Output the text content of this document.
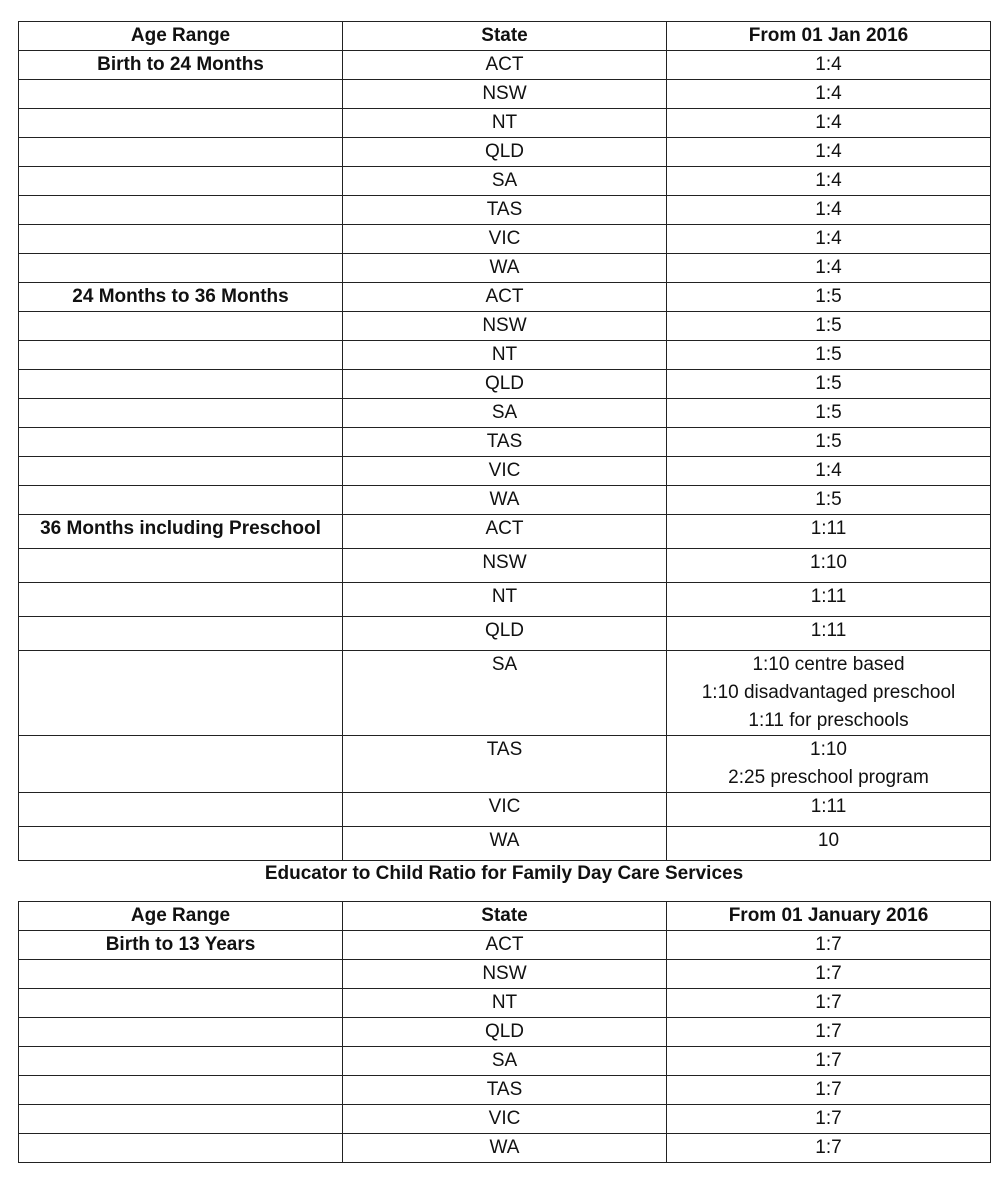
Age Range	State	From 01 Jan 2016
Birth to 24 Months	ACT	1:4

	NSW	1:4

	NT	1:4

	QLD	1:4

	SA	1:4

	TAS	1:4

	VIC	1:4

	WA	1:4

24 Months to 36 Months	ACT	1:5

	NSW	1:5

	NT	1:5

	QLD	1:5

	SA	1:5

	TAS	1:5

	VIC	1:4

	WA	1:5

36 Months including Preschool	ACT	1:11

	NSW	1:10

	NT	1:11

	QLD	1:11

	SA	1:10 centre based
1:10 disadvantaged preschool
1:11 for preschools

	TAS	1:10
2:25 preschool program

	VIC	1:11

	WA	10
Educator to Child Ratio for Family Day Care Services
Age Range	State	From 01 January 2016
Birth to 13 Years	ACT	1:7

	NSW	1:7

	NT	1:7

	QLD	1:7

	SA	1:7

	TAS	1:7

	VIC	1:7

	WA	1:7
